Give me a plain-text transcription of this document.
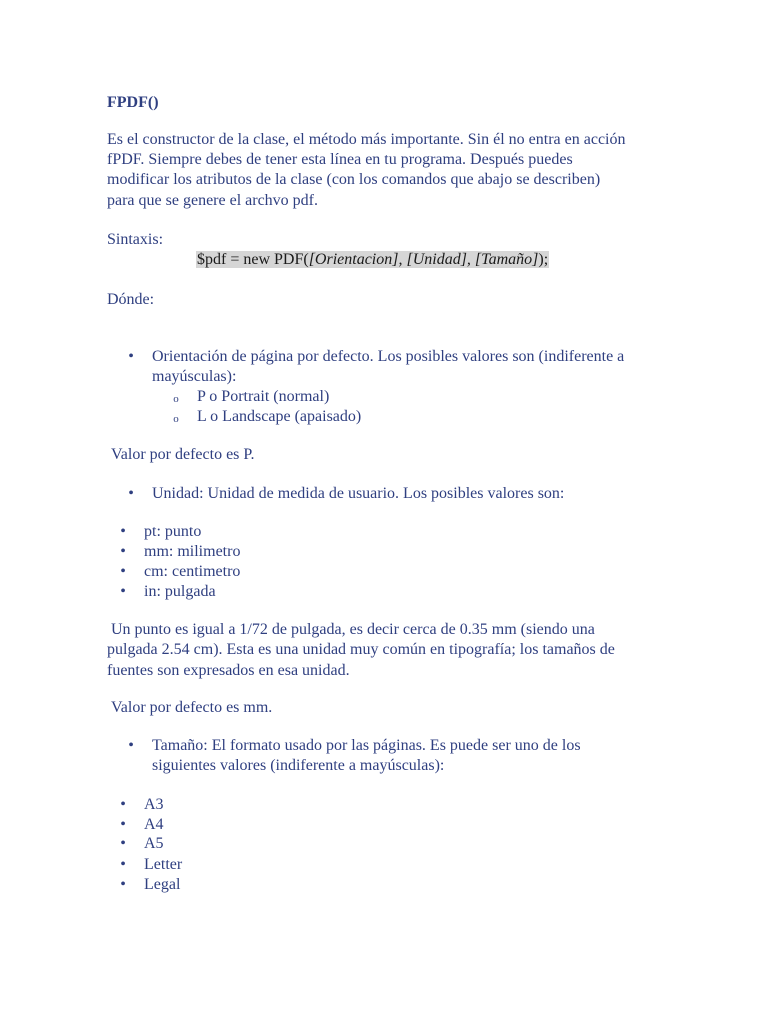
FPDF()
Es el constructor de la clase, el método más importante. Sin él no entra en acción
fPDF. Siempre debes de tener esta línea en tu programa. Después puedes
modificar los atributos de la clase (con los comandos que abajo se describen)
para que se genere el archvo pdf.
Sintaxis:
$pdf = new PDF([Orientacion], [Unidad], [Tamaño]);
Dónde:
• Orientación de página por defecto. Los posibles valores son (indiferente a
mayúsculas):
o P o Portrait (normal)
o L o Landscape (apaisado)
Valor por defecto es P.
• Unidad: Unidad de medida de usuario. Los posibles valores son:
• pt: punto
• mm: milimetro
• cm: centimetro
• in: pulgada
Un punto es igual a 1/72 de pulgada, es decir cerca de 0.35 mm (siendo una
pulgada 2.54 cm). Esta es una unidad muy común en tipografía; los tamaños de
fuentes son expresados en esa unidad.
Valor por defecto es mm.
• Tamaño: El formato usado por las páginas. Es puede ser uno de los
siguientes valores (indiferente a mayúsculas):
• A3
• A4
• A5
• Letter
• Legal
